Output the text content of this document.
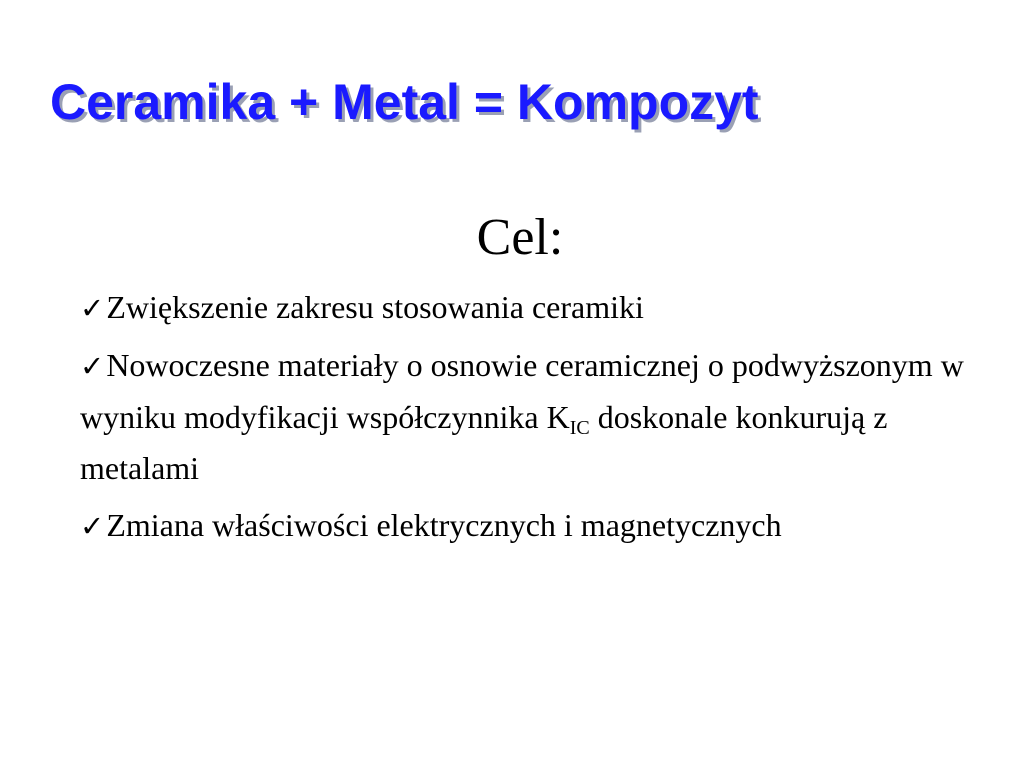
Ceramika + Metal = Kompozyt
Cel:
✓Zwiększenie zakresu stosowania ceramiki
✓Nowoczesne materiały o osnowie ceramicznej o podwyższonym w wyniku modyfikacji współczynnika $K_{IC}$ doskonale konkurują z metalami
✓Zmiana właściwości elektrycznych i magnetycznych
